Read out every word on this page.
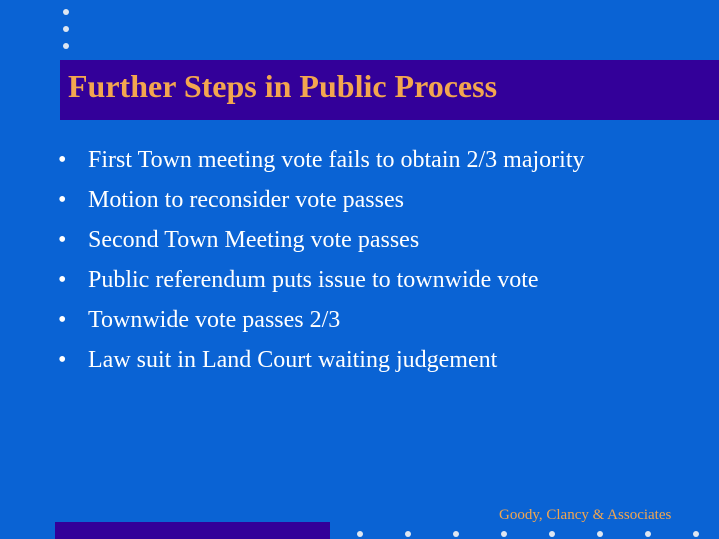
Further Steps in Public Process
• First Town meeting vote fails to obtain 2/3 majority
• Motion to reconsider vote passes
• Second Town Meeting vote passes
• Public referendum puts issue to townwide vote
• Townwide vote passes 2/3
• Law suit in Land Court waiting judgement
Goody, Clancy & Associates
